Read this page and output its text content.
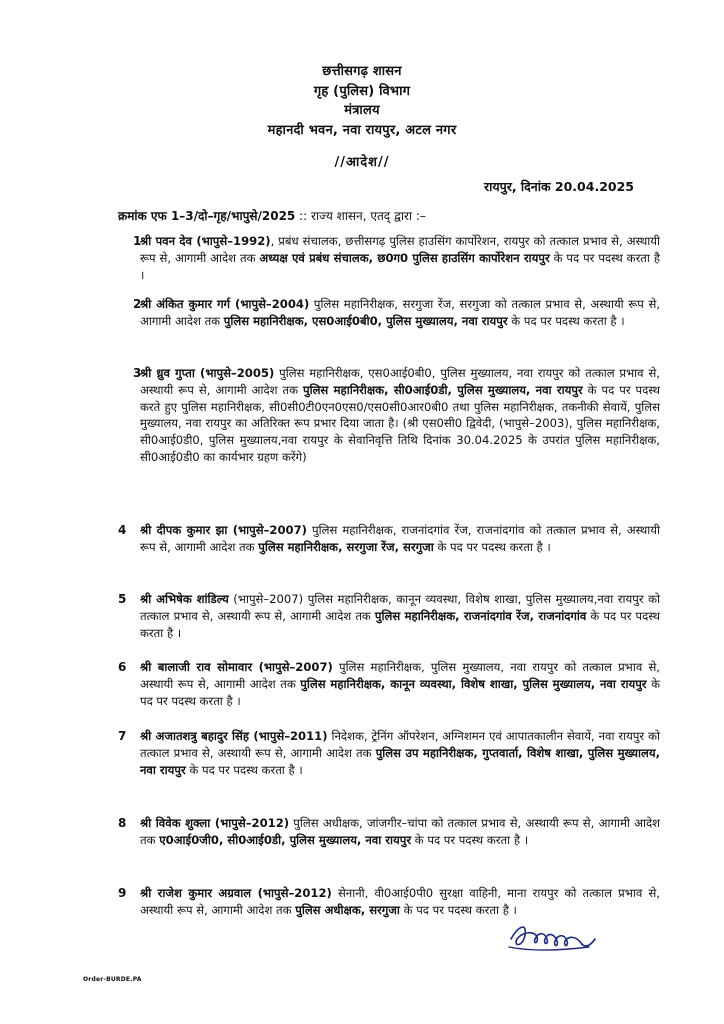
छत्तीसगढ़ शासन
गृह (पुलिस) विभाग
मंत्रालय
महानदी भवन, नवा रायपुर, अटल नगर
//आदेश//
रायपुर, दिनांक 20.04.2025
क्रमांक एफ 1–3/दो–गृह/भापुसे/2025 :: राज्य शासन, एतद् द्वारा :–
1
श्री पवन देव (भापुसे–1992), प्रबंध संचालक, छत्तीसगढ़ पुलिस हाउसिंग कार्पोरेशन, रायपुर को तत्काल प्रभाव से, अस्थायी रूप से, आगामी आदेश तक अध्यक्ष एवं प्रबंध संचालक, छ0ग0 पुलिस हाउसिंग कार्पोरेशन रायपुर के पद पर पदस्थ करता है ।
2
श्री अंकित कुमार गर्ग (भापुसे–2004) पुलिस महानिरीक्षक, सरगुजा रेंज, सरगुजा को तत्काल प्रभाव से, अस्थायी रूप से, आगामी आदेश तक पुलिस महानिरीक्षक, एस0आई0बी0, पुलिस मुख्यालय, नवा रायपुर के पद पर पदस्थ करता है ।
3
श्री ध्रुव गुप्ता (भापुसे–2005) पुलिस महानिरीक्षक, एस0आई0बी0, पुलिस मुख्यालय, नवा रायपुर को तत्काल प्रभाव से, अस्थायी रूप से, आगामी आदेश तक पुलिस महानिरीक्षक, सी0आई0डी, पुलिस मुख्यालय, नवा रायपुर के पद पर पदस्थ करते हुए पुलिस महानिरीक्षक, सी0सी0टी0एन0एस0/एस0सी0आर0बी0 तथा पुलिस महानिरीक्षक, तकनीकी सेवायें, पुलिस मुख्यालय, नवा रायपुर का अतिरिक्त रूप प्रभार दिया जाता है। (श्री एस0सी0 द्विवेदी, (भापुसे–2003), पुलिस महानिरीक्षक, सी0आई0डी0, पुलिस मुख्यालय,नवा रायपुर के सेवानिवृत्ति तिथि दिनांक 30.04.2025 के उपरांत पुलिस महानिरीक्षक, सी0आई0डी0 का कार्यभार ग्रहण करेंगे)
4 श्री दीपक कुमार झा (भापुसे–2007) पुलिस महानिरीक्षक, राजनांदगांव रेंज, राजनांदगांव को तत्काल प्रभाव से, अस्थायी रूप से, आगामी आदेश तक पुलिस महानिरीक्षक, सरगुजा रेंज, सरगुजा के पद पर पदस्थ करता है ।
5 श्री अभिषेक शांडिल्य (भापुसे–2007) पुलिस महानिरीक्षक, कानून व्यवस्था, विशेष शाखा, पुलिस मुख्यालय,नवा रायपुर को तत्काल प्रभाव से, अस्थायी रूप से, आगामी आदेश तक पुलिस महानिरीक्षक, राजनांदगांव रेंज, राजनांदगांव के पद पर पदस्थ करता है ।
6 श्री बालाजी राव सोमावार (भापुसे–2007) पुलिस महानिरीक्षक, पुलिस मुख्यालय, नवा रायपुर को तत्काल प्रभाव से, अस्थायी रूप से, आगामी आदेश तक पुलिस महानिरीक्षक, कानून व्यवस्था, विशेष शाखा, पुलिस मुख्यालय, नवा रायपुर के पद पर पदस्थ करता है ।
7 श्री अजातशत्रु बहादुर सिंह (भापुसे–2011) निदेशक, ट्रेनिंग ऑपरेशन, अग्निशमन एवं आपातकालीन सेवायें, नवा रायपुर को तत्काल प्रभाव से, अस्थायी रूप से, आगामी आदेश तक पुलिस उप महानिरीक्षक, गुप्तवार्ता, विशेष शाखा, पुलिस मुख्यालय, नवा रायपुर के पद पर पदस्थ करता है ।
8 श्री विवेक शुक्ला (भापुसे–2012) पुलिस अधीक्षक, जांजगीर–चांपा को तत्काल प्रभाव से, अस्थायी रूप से, आगामी आदेश तक ए0आई0जी0, सी0आई0डी, पुलिस मुख्यालय, नवा रायपुर के पद पर पदस्थ करता है ।
9 श्री राजेश कुमार अग्रवाल (भापुसे–2012) सेनानी, वी0आई0पी0 सुरक्षा वाहिनी, माना रायपुर को तत्काल प्रभाव से, अस्थायी रूप से, आगामी आदेश तक पुलिस अधीक्षक, सरगुजा के पद पर पदस्थ करता है ।
Order-BURDE.PA
